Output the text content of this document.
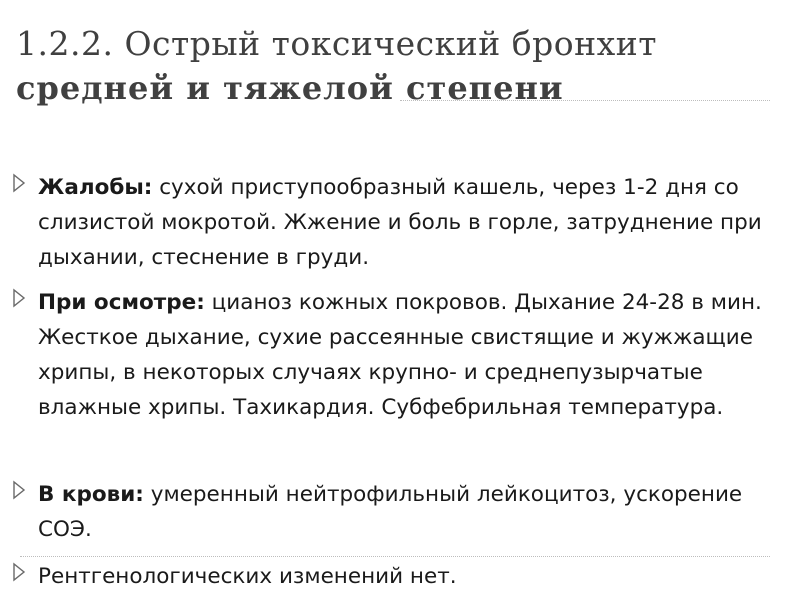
1.2.2. Острый токсический бронхит
средней и тяжелой степени
Жалобы: сухой приступообразный кашель, через 1-2 дня со слизистой мокротой. Жжение и боль в горле, затруднение при дыхании, стеснение в груди.
При осмотре: цианоз кожных покровов. Дыхание 24-28 в мин. Жесткое дыхание, сухие рассеянные свистящие и жужжащие хрипы, в некоторых случаях крупно- и среднепузырчатые влажные хрипы. Тахикардия. Субфебрильная температура.
В крови: умеренный нейтрофильный лейкоцитоз, ускорение СОЭ.
Рентгенологических изменений нет.
